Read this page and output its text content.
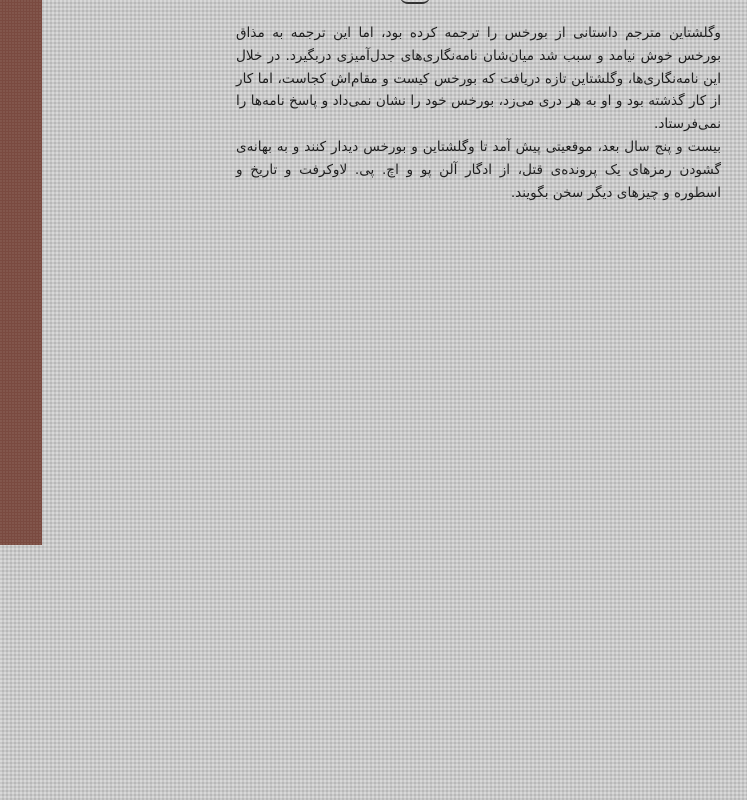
وگلشتاین مترجم داستانی از بورخس را ترجمه کرده بود، اما این ترجمه به مذاق بورخس خوش نیامد و سبب شد میان‌شان نامه‌نگاری‌های جدل‌آمیزی دربگیرد. در خلال این نامه‌نگاری‌ها، وگلشتاین تازه دریافت که بورخس کیست و مقام‌اش کجاست، اما کار از کار گذشته بود و او به هر دری می‌زد، بورخس خود را نشان نمی‌داد و پاسخ نامه‌ها را نمی‌فرستاد.

بیست و پنج سال بعد، موقعیتی پیش آمد تا وگلشتاین و بورخس دیدار کنند و به بهانه‌ی گشودن رمزهای یک پرونده‌ی قتل، از ادگار آلن پو و اچ. پی. لاوکرفت و تاریخ و اسطوره و چیزهای دیگر سخن بگویند.
